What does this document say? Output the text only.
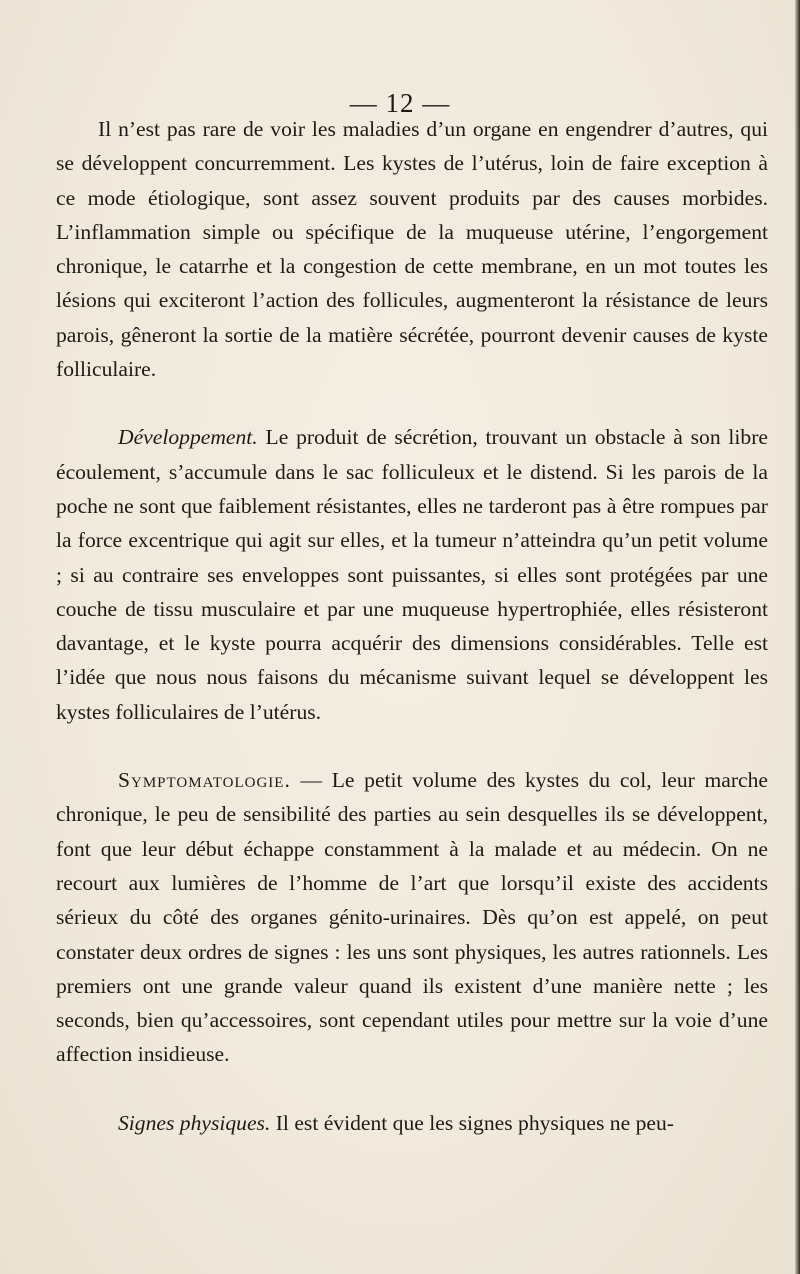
— 12 —

Il n’est pas rare de voir les maladies d’un organe en engendrer d’autres, qui se développent concurremment. Les kystes de l’utérus, loin de faire exception à ce mode étiologique, sont assez souvent produits par des causes morbides. L’inflammation simple ou spécifique de la muqueuse utérine, l’engorgement chronique, le catarrhe et la congestion de cette membrane, en un mot toutes les lésions qui exciteront l’action des follicules, augmenteront la résistance de leurs parois, gêneront la sortie de la matière sécrétée, pourront devenir causes de kyste folliculaire.

Développement. Le produit de sécrétion, trouvant un obstacle à son libre écoulement, s’accumule dans le sac folliculeux et le distend. Si les parois de la poche ne sont que faiblement résistantes, elles ne tarderont pas à être rompues par la force excentrique qui agit sur elles, et la tumeur n’atteindra qu’un petit volume ; si au contraire ses enveloppes sont puissantes, si elles sont protégées par une couche de tissu musculaire et par une muqueuse hypertrophiée, elles résisteront davantage, et le kyste pourra acquérir des dimensions considérables. Telle est l’idée que nous nous faisons du mécanisme suivant lequel se développent les kystes folliculaires de l’utérus.

Symptomatologie. — Le petit volume des kystes du col, leur marche chronique, le peu de sensibilité des parties au sein desquelles ils se développent, font que leur début échappe constamment à la malade et au médecin. On ne recourt aux lumières de l’homme de l’art que lorsqu’il existe des accidents sérieux du côté des organes génito-urinaires. Dès qu’on est appelé, on peut constater deux ordres de signes : les uns sont physiques, les autres rationnels. Les premiers ont une grande valeur quand ils existent d’une manière nette ; les seconds, bien qu’accessoires, sont cependant utiles pour mettre sur la voie d’une affection insidieuse.

Signes physiques. Il est évident que les signes physiques ne peu-
